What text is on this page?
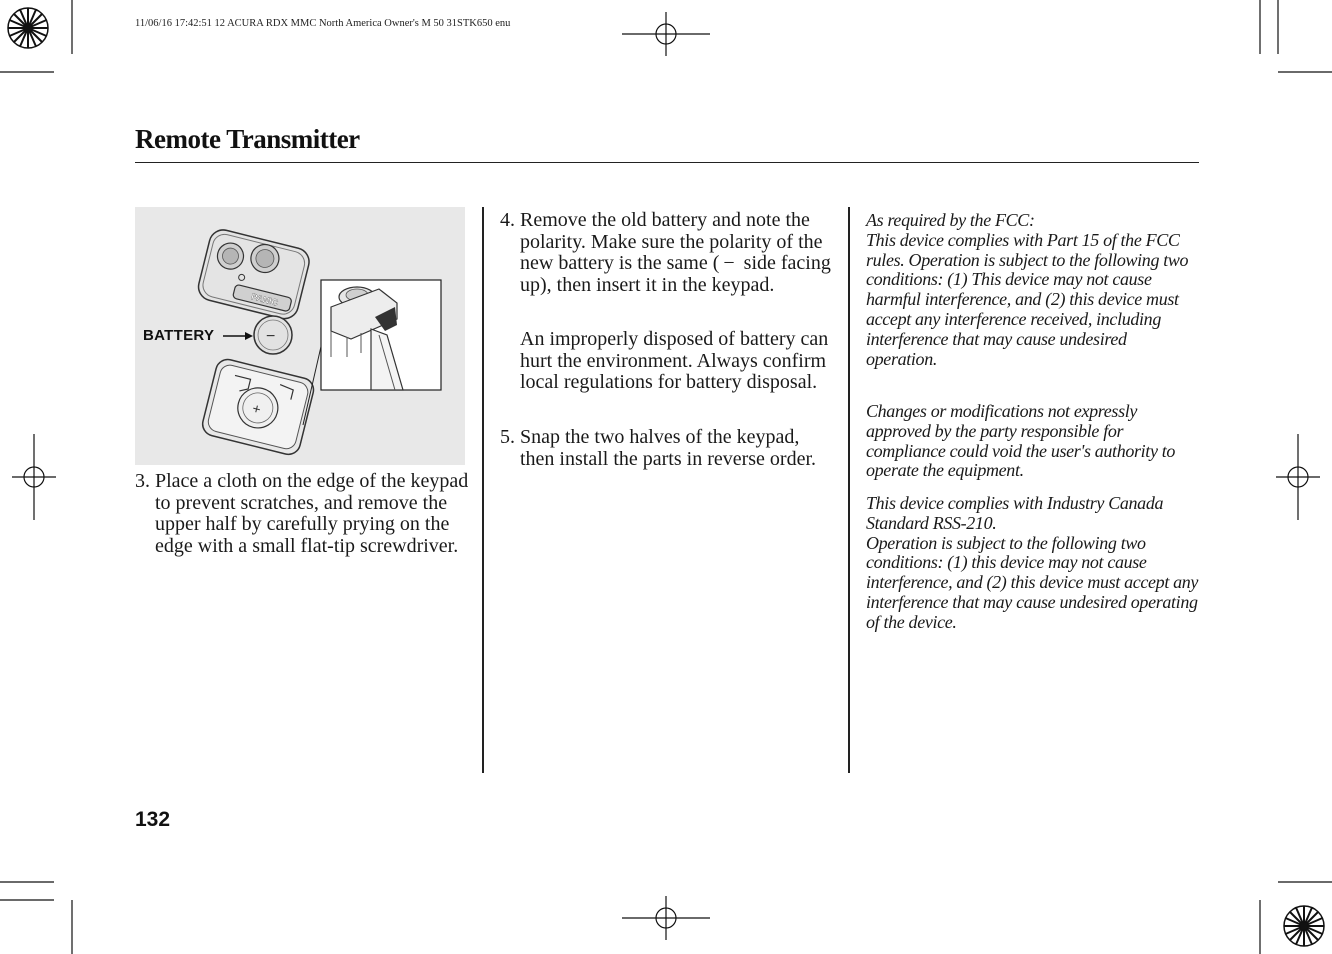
11/06/16 17:42:51 12 ACURA RDX MMC North America Owner's M 50 31STK650 enu
Remote Transmitter
PANIC
−
+
BATTERY
3. Place a cloth on the edge of the keypad to prevent scratches, and remove the upper half by carefully prying on the edge with a small flat-tip screwdriver.
4. Remove the old battery and note the polarity. Make sure the polarity of the new battery is the same ( − side facing up), then insert it in the keypad.
An improperly disposed of battery can hurt the environment. Always confirm local regulations for battery disposal.
5. Snap the two halves of the keypad, then install the parts in reverse order.
As required by the FCC:
This device complies with Part 15 of the FCC rules. Operation is subject to the following two conditions: (1) This device may not cause harmful interference, and (2) this device must accept any interference received, including interference that may cause undesired operation.
Changes or modifications not expressly approved by the party responsible for compliance could void the user's authority to operate the equipment.
This device complies with Industry Canada Standard RSS-210.
Operation is subject to the following two conditions: (1) this device may not cause interference, and (2) this device must accept any interference that may cause undesired operating of the device.
132
